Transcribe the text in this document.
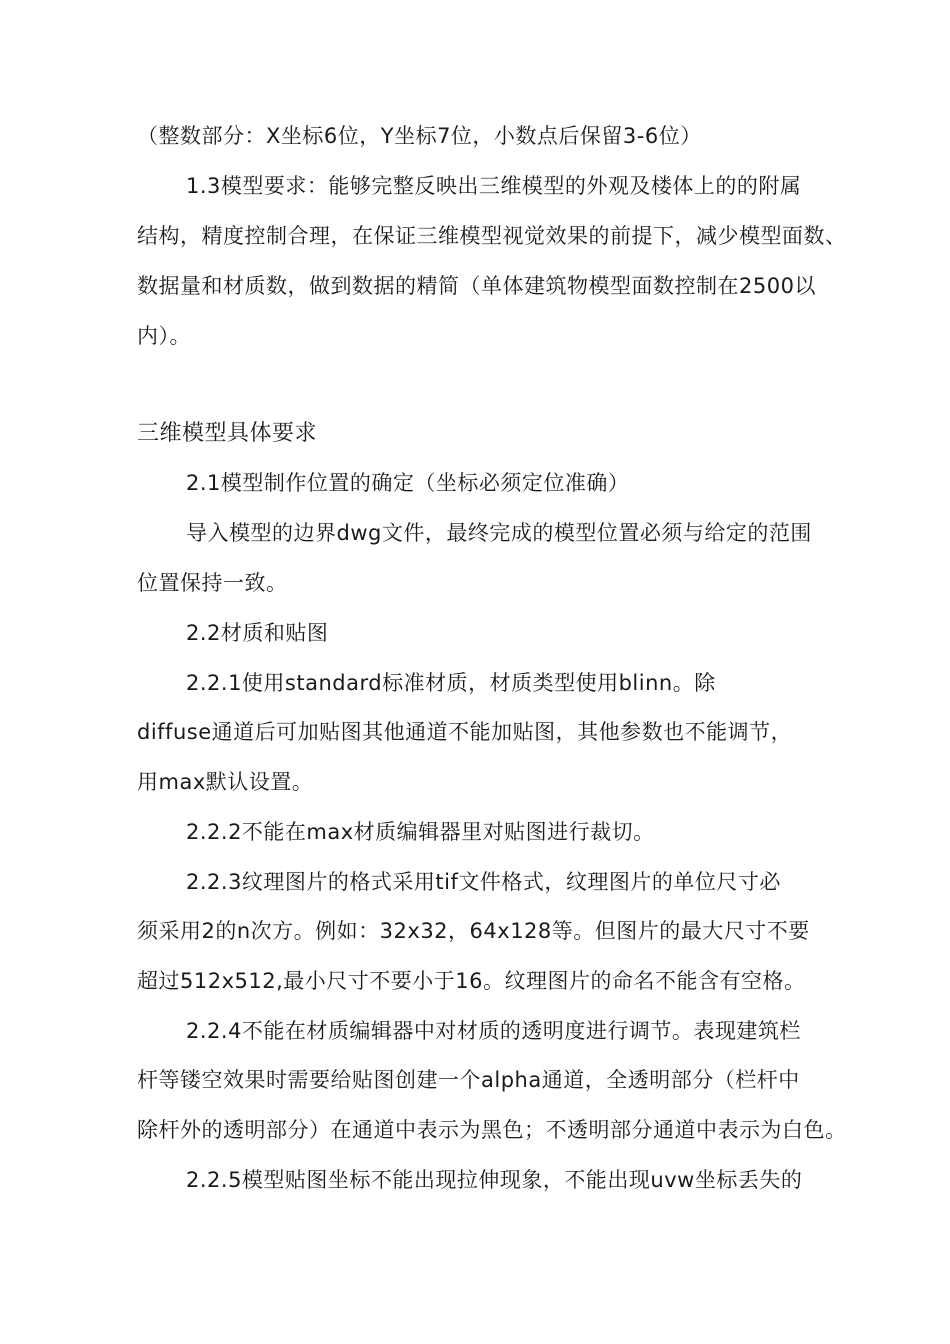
（整数部分：X坐标6位，Y坐标7位，小数点后保留3-6位）
1.3模型要求：能够完整反映出三维模型的外观及楼体上的的附属
结构，精度控制合理，在保证三维模型视觉效果的前提下，减少模型面数、
数据量和材质数，做到数据的精简（单体建筑物模型面数控制在2500以
内）。
三维模型具体要求
2.1模型制作位置的确定（坐标必须定位准确）
导入模型的边界dwg文件，最终完成的模型位置必须与给定的范围
位置保持一致。
2.2材质和贴图
2.2.1使用standard标准材质，材质类型使用blinn。除
diffuse通道后可加贴图其他通道不能加贴图，其他参数也不能调节，
用max默认设置。
2.2.2不能在max材质编辑器里对贴图进行裁切。
2.2.3纹理图片的格式采用tif文件格式，纹理图片的单位尺寸必
须采用2的n次方。例如：32x32，64x128等。但图片的最大尺寸不要
超过512x512,最小尺寸不要小于16。纹理图片的命名不能含有空格。
2.2.4不能在材质编辑器中对材质的透明度进行调节。表现建筑栏
杆等镂空效果时需要给贴图创建一个alpha通道，全透明部分（栏杆中
除杆外的透明部分）在通道中表示为黑色；不透明部分通道中表示为白色。
2.2.5模型贴图坐标不能出现拉伸现象，不能出现uvw坐标丢失的
